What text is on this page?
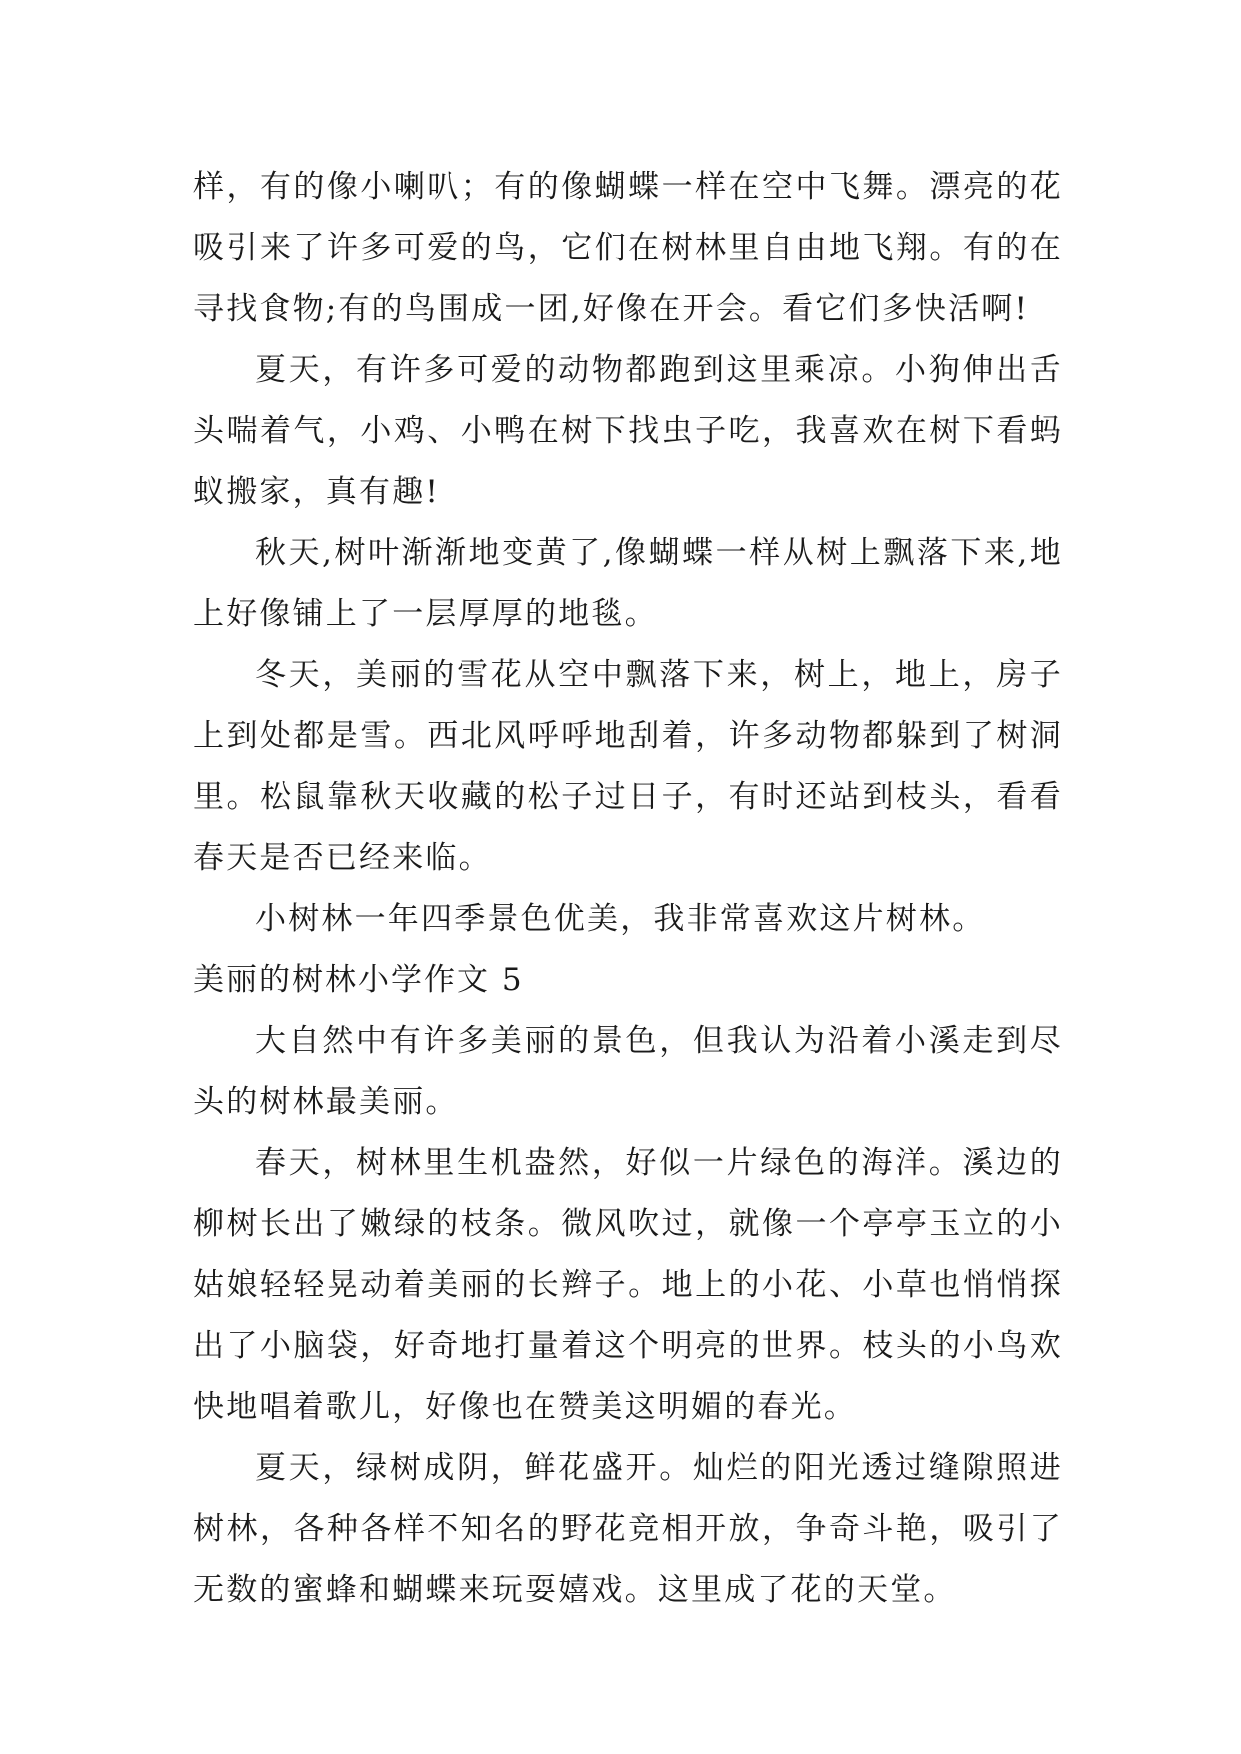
样，有的像小喇叭；有的像蝴蝶一样在空中飞舞。漂亮的花吸引来了许多可爱的鸟，它们在树林里自由地飞翔。有的在寻找食物;有的鸟围成一团,好像在开会。看它们多快活啊!

夏天，有许多可爱的动物都跑到这里乘凉。小狗伸出舌头喘着气，小鸡、小鸭在树下找虫子吃，我喜欢在树下看蚂蚁搬家，真有趣!

秋天,树叶渐渐地变黄了,像蝴蝶一样从树上飘落下来,地上好像铺上了一层厚厚的地毯。

冬天，美丽的雪花从空中飘落下来，树上，地上，房子上到处都是雪。西北风呼呼地刮着，许多动物都躲到了树洞里。松鼠靠秋天收藏的松子过日子，有时还站到枝头，看看春天是否已经来临。

小树林一年四季景色优美，我非常喜欢这片树林。

美丽的树林小学作文 5

大自然中有许多美丽的景色，但我认为沿着小溪走到尽头的树林最美丽。

春天，树林里生机盎然，好似一片绿色的海洋。溪边的柳树长出了嫩绿的枝条。微风吹过，就像一个亭亭玉立的小姑娘轻轻晃动着美丽的长辫子。地上的小花、小草也悄悄探出了小脑袋，好奇地打量着这个明亮的世界。枝头的小鸟欢快地唱着歌儿，好像也在赞美这明媚的春光。

夏天，绿树成阴，鲜花盛开。灿烂的阳光透过缝隙照进树林，各种各样不知名的野花竞相开放，争奇斗艳，吸引了无数的蜜蜂和蝴蝶来玩耍嬉戏。这里成了花的天堂。
